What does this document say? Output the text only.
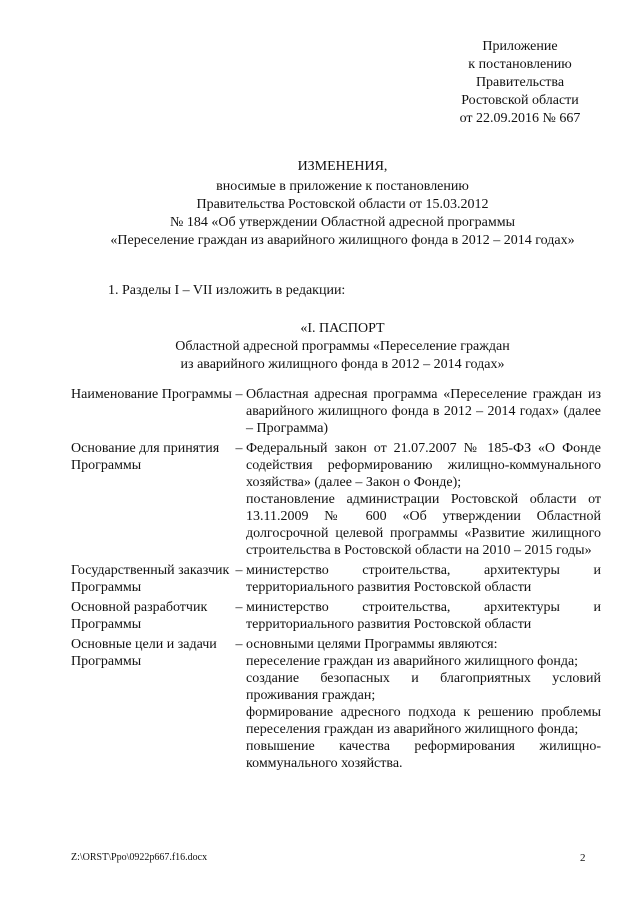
Приложение
к постановлению
Правительства
Ростовской области
от 22.09.2016 № 667
ИЗМЕНЕНИЯ,
вносимые в приложение к постановлению
Правительства Ростовской области от 15.03.2012
№ 184 «Об утверждении Областной адресной программы
«Переселение граждан из аварийного жилищного фонда в 2012 – 2014 годах»
1. Разделы I – VII изложить в редакции:
«I. ПАСПОРТ
Областной адресной программы «Переселение граждан
из аварийного жилищного фонда в 2012 – 2014 годах»
Наименование Программы – Областная адресная программа «Переселение граждан из аварийного жилищного фонда в 2012 – 2014 годах» (далее – Программа)

Основание для принятия Программы
– Федеральный закон от 21.07.2007 № 185-ФЗ «О Фонде содействия реформированию жилищно-коммунального хозяйства» (далее – Закон о Фонде);

постановление администрации Ростовской области от 13.11.2009 № 600 «Об утверждении Областной долгосрочной целевой программы «Развитие жилищного строительства в Ростовской области на 2010 – 2015 годы»

Государственный заказчик Программы
– министерство строительства, архитектуры и территориального развития Ростовской области

Основной разработчик Программы
– министерство строительства, архитектуры и территориального развития Ростовской области

Основные цели и задачи Программы
– основными целями Программы являются:

переселение граждан из аварийного жилищного фонда;

создание безопасных и благоприятных условий проживания граждан;

формирование адресного подхода к решению проблемы переселения граждан из аварийного жилищного фонда;

повышение качества реформирования жилищно-коммунального хозяйства.

Z:\ORST\Ppo\0922p667.f16.docx	2
